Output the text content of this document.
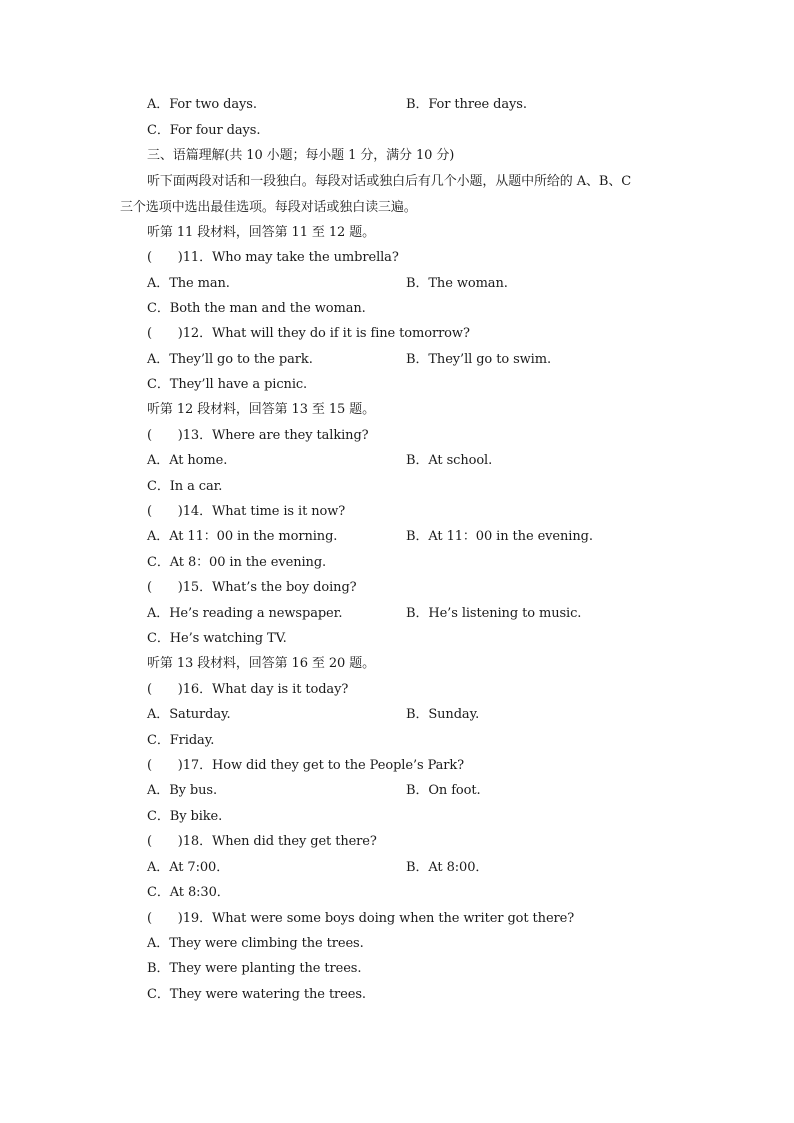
A．For two days.	B．For three days.
C．For four days.
三、语篇理解(共 10 小题；每小题 1 分，满分 10 分)
听下面两段对话和一段独白。每段对话或独白后有几个小题，从题中所给的 A、B、C
三个选项中选出最佳选项。每段对话或独白读三遍。
听第 11 段材料，回答第 11 至 12 题。
(　　)11．Who may take the umbrella?
A．The man.	B．The woman.
C．Both the man and the woman.
(　　)12．What will they do if it is fine tomorrow?
A．They’ll go to the park.	B．They’ll go to swim.
C．They’ll have a picnic.
听第 12 段材料，回答第 13 至 15 题。
(　　)13．Where are they talking?
A．At home.	B．At school.
C．In a car.
(　　)14．What time is it now?
A．At 11：00 in the morning.	B．At 11：00 in the evening.
C．At 8：00 in the evening.
(　　)15．What’s the boy doing?
A．He’s reading a newspaper.	B．He’s listening to music.
C．He’s watching TV.
听第 13 段材料，回答第 16 至 20 题。
(　　)16．What day is it today?
A．Saturday.	B．Sunday.
C．Friday.
(　　)17．How did they get to the People’s Park?
A．By bus.	B．On foot.
C．By bike.
(　　)18．When did they get there?
A．At 7:00．	B．At 8:00．
C．At 8:30．
(　　)19．What were some boys doing when the writer got there?
A．They were climbing the trees.
B．They were planting the trees.
C．They were watering the trees.
